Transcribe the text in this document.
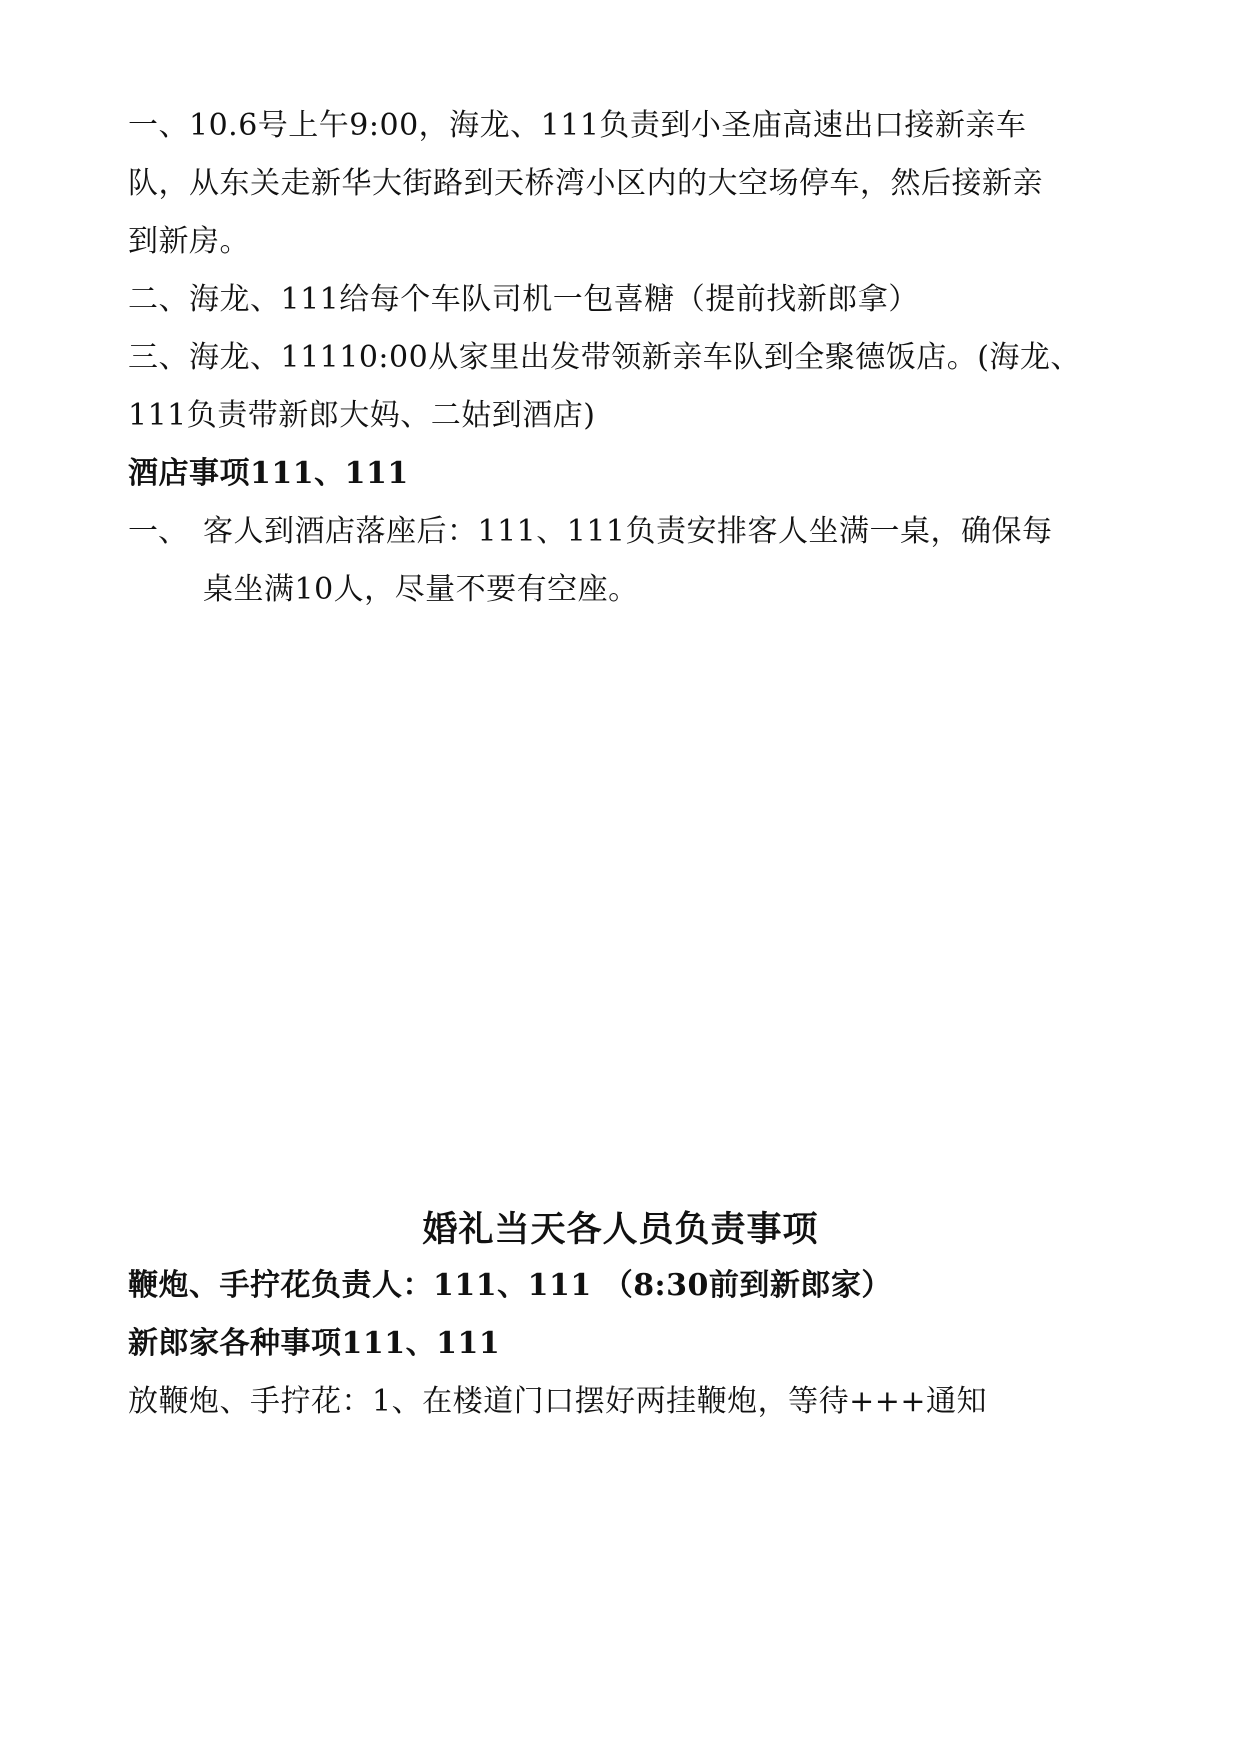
一、10.6号上午9:00，海龙、111负责到小圣庙高速出口接新亲车
队，从东关走新华大街路到天桥湾小区内的大空场停车，然后接新亲
到新房。
二、海龙、111给每个车队司机一包喜糖（提前找新郎拿）
三、海龙、11110:00从家里出发带领新亲车队到全聚德饭店。(海龙、
111负责带新郎大妈、二姑到酒店)
酒店事项111、111
一、 客人到酒店落座后：111、111负责安排客人坐满一桌，确保每
桌坐满10人，尽量不要有空座。
婚礼当天各人员负责事项
鞭炮、手拧花负责人：111、111 （8:30前到新郎家）
新郎家各种事项111、111
放鞭炮、手拧花：1、在楼道门口摆好两挂鞭炮，等待+++通知
